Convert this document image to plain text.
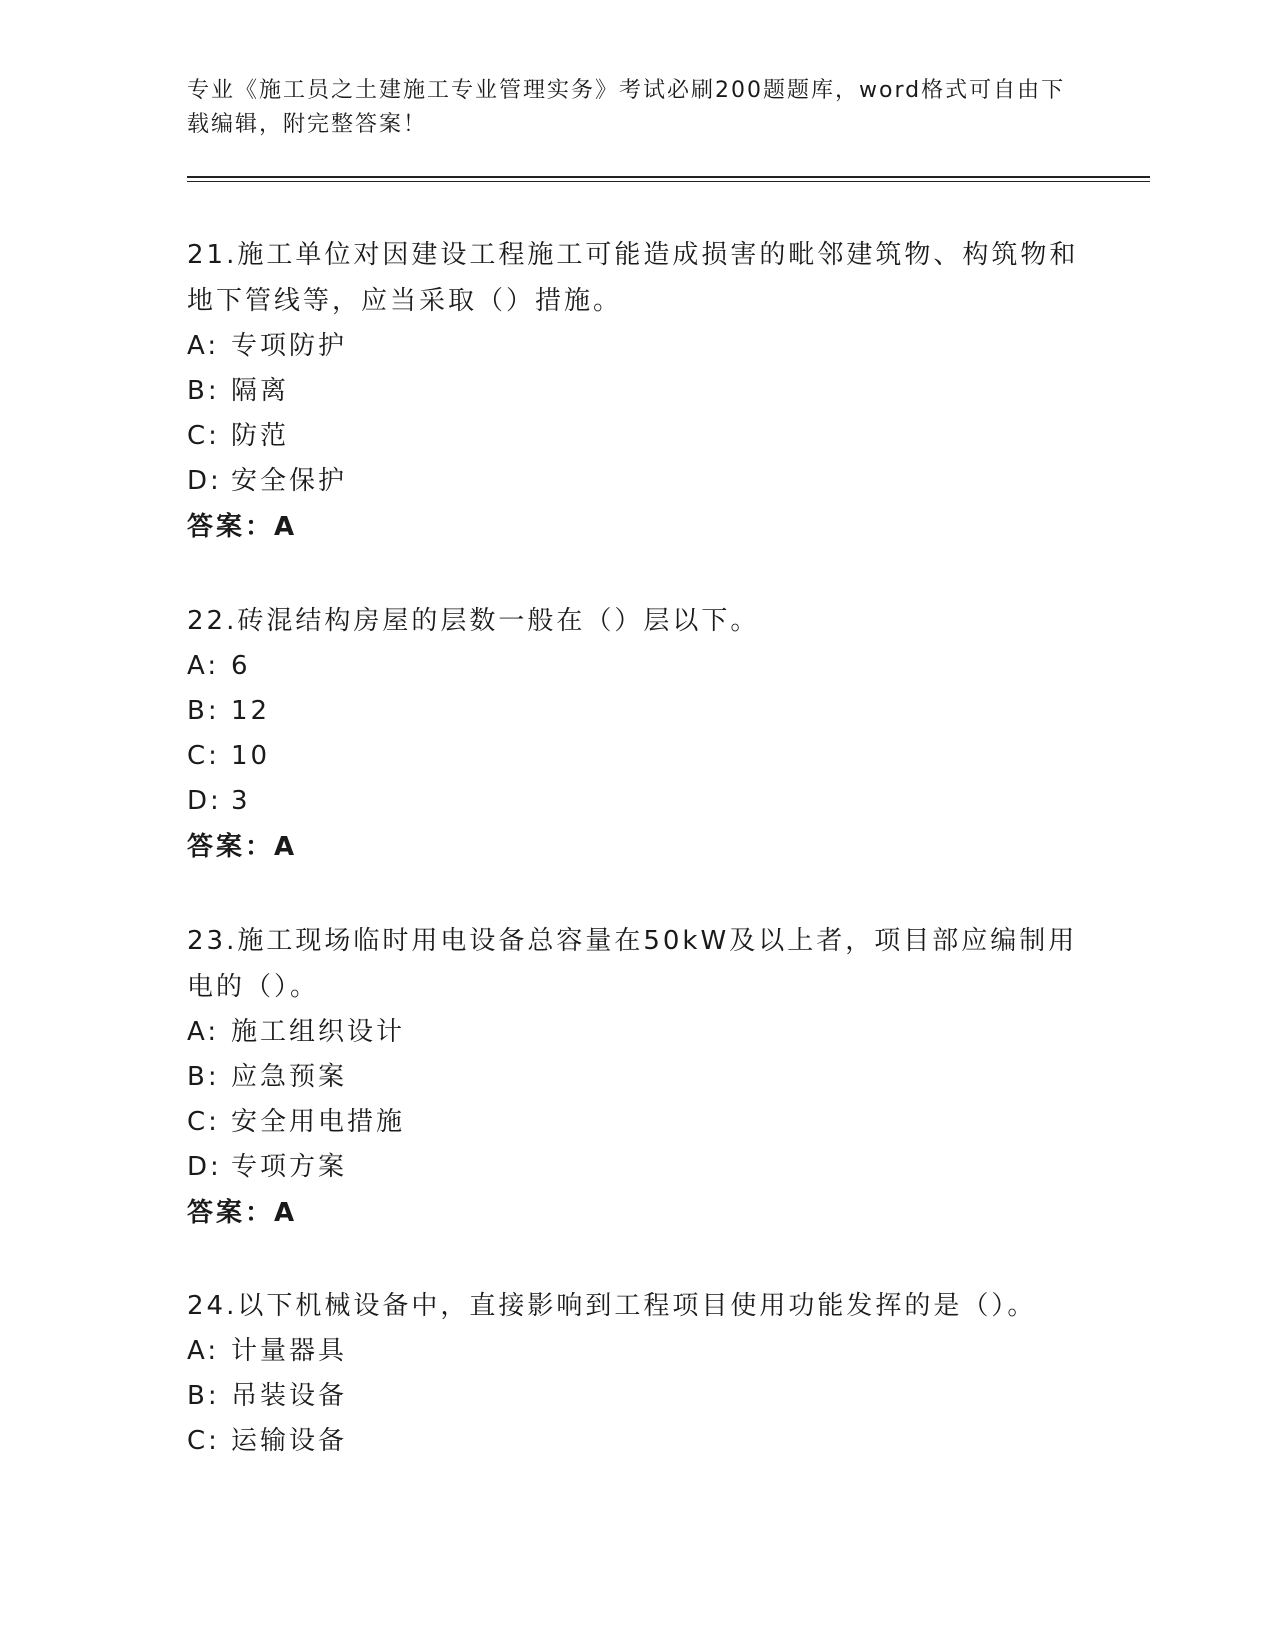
专业《施工员之土建施工专业管理实务》考试必刷200题题库，word格式可自由下载编辑，附完整答案！

21.施工单位对因建设工程施工可能造成损害的毗邻建筑物、构筑物和地下管线等，应当采取（）措施。

A: 专项防护

B: 隔离

C: 防范

D: 安全保护

答案：A

22.砖混结构房屋的层数一般在（）层以下。

A: 6

B: 12

C: 10

D: 3

答案：A

23.施工现场临时用电设备总容量在50kW及以上者，项目部应编制用电的（）。

A: 施工组织设计

B: 应急预案

C: 安全用电措施

D: 专项方案

答案：A

24.以下机械设备中，直接影响到工程项目使用功能发挥的是（）。

A: 计量器具

B: 吊装设备

C: 运输设备
